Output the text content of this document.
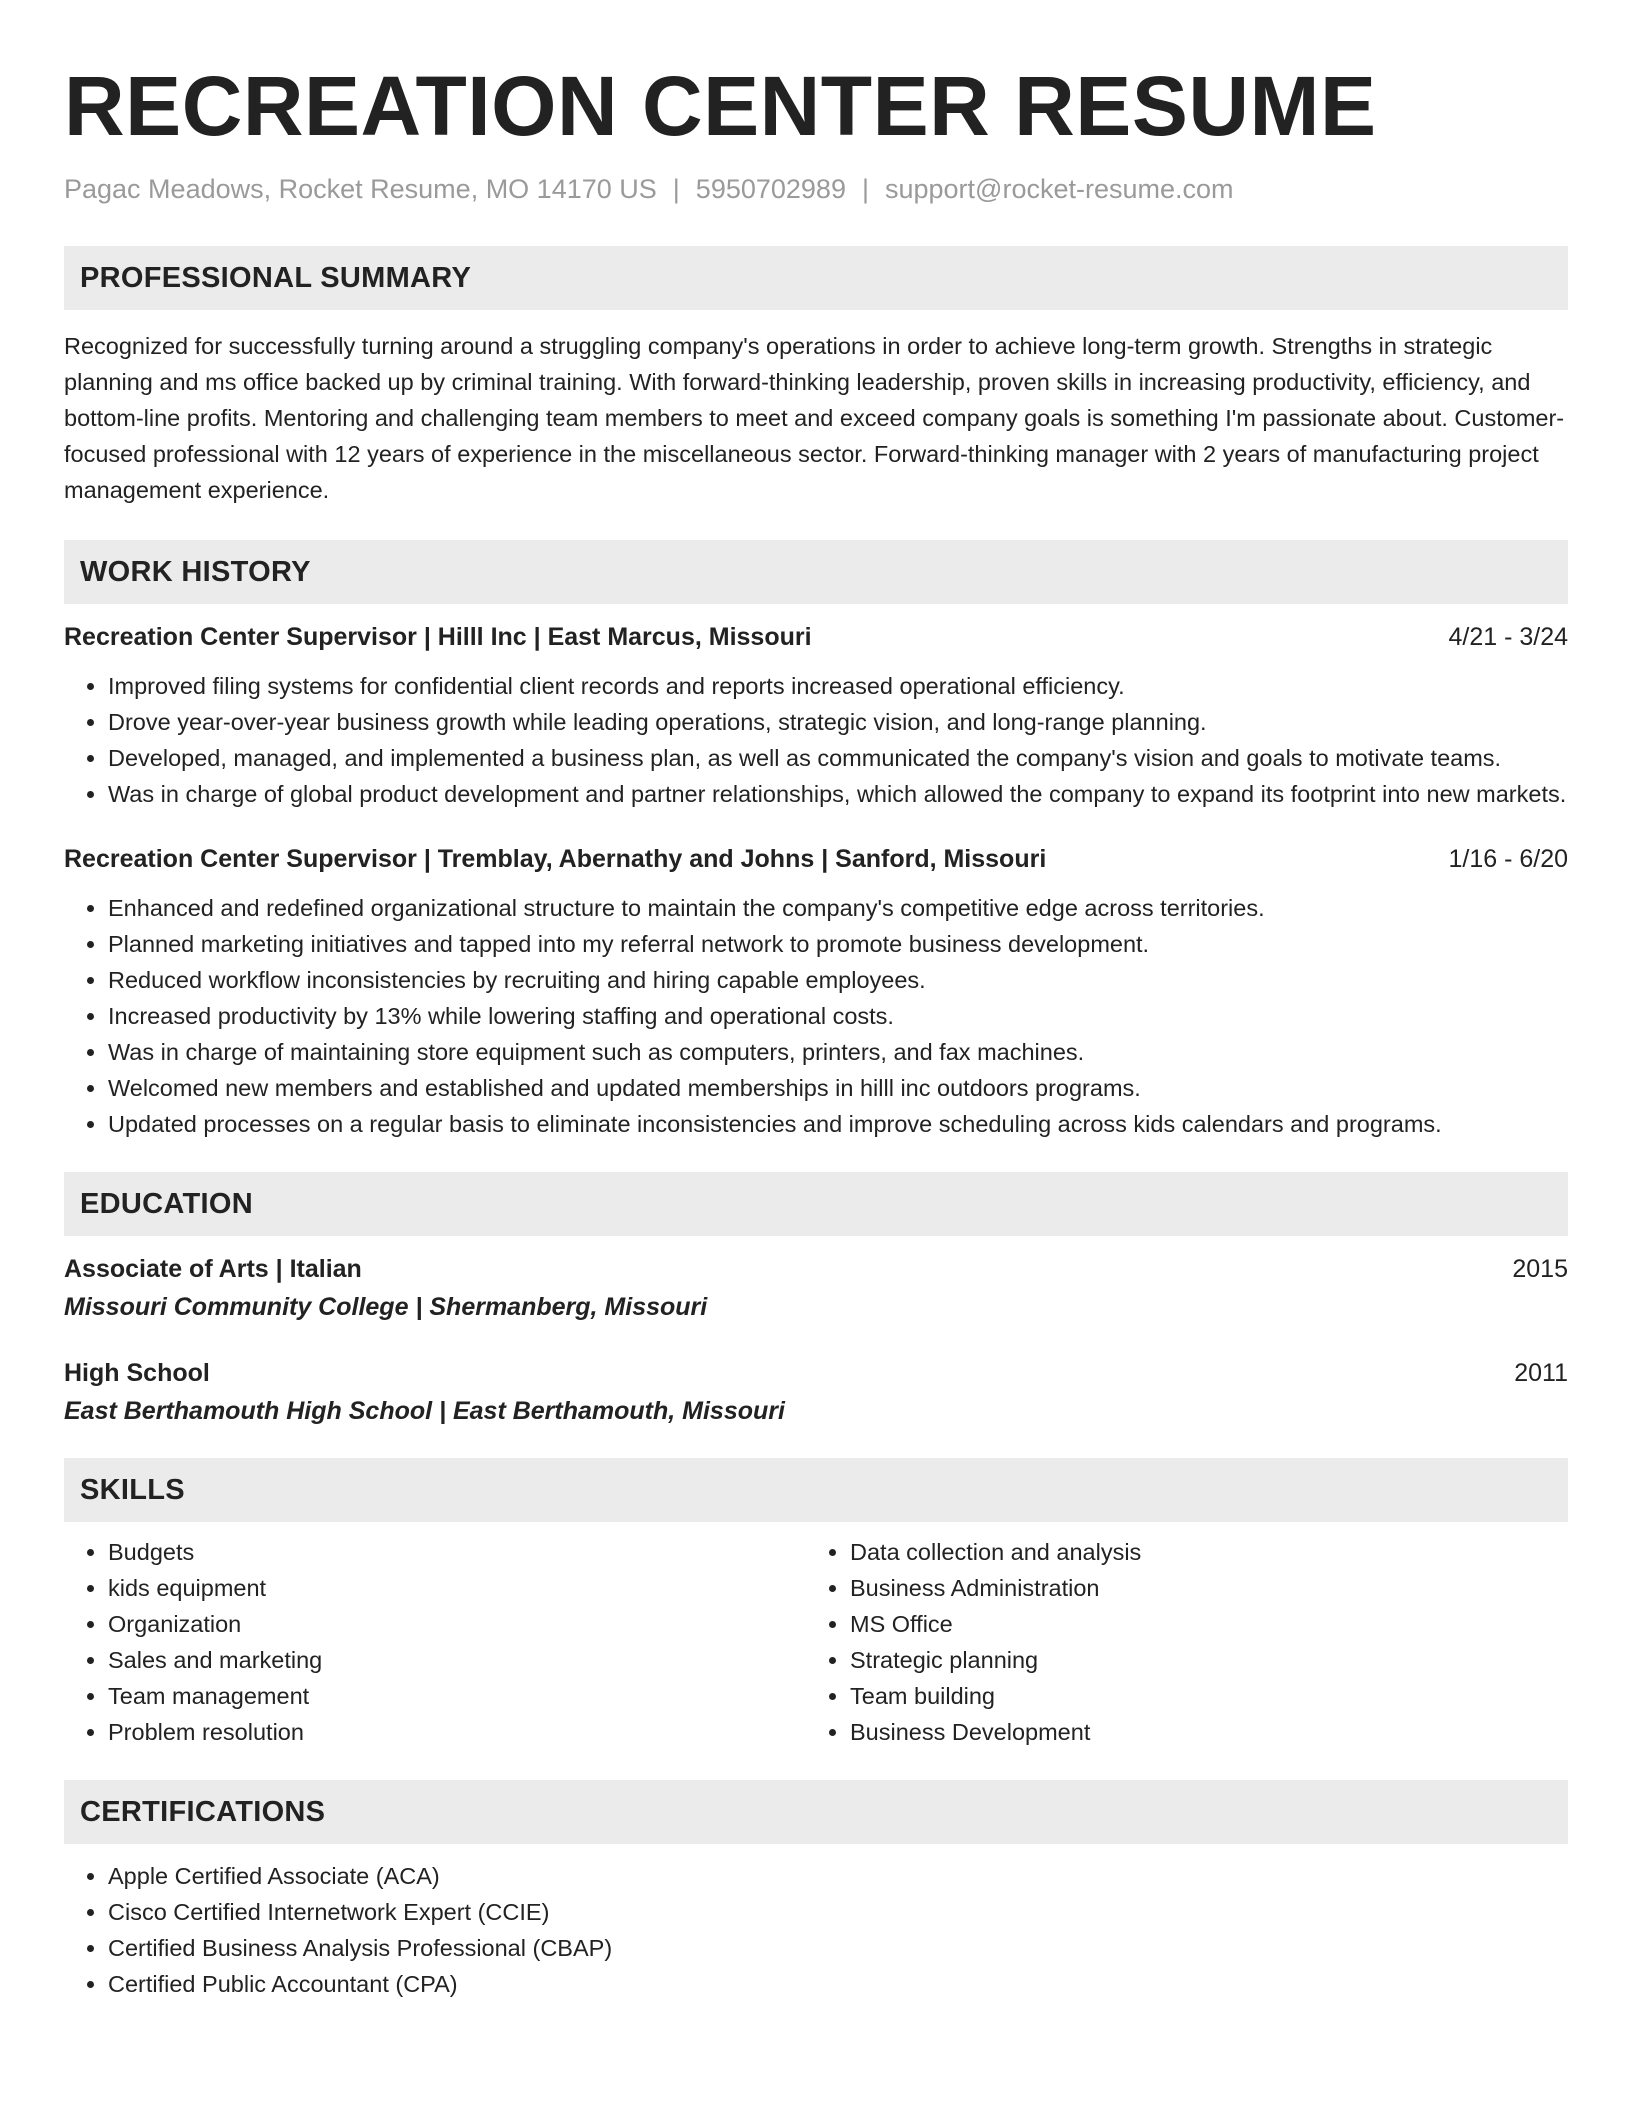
RECREATION CENTER RESUME
Pagac Meadows, Rocket Resume, MO 14170 US | 5950702989 | support@rocket-resume.com
PROFESSIONAL SUMMARY

Recognized for successfully turning around a struggling company's operations in order to achieve long-term growth. Strengths in strategic planning and ms office backed up by criminal training. With forward-thinking leadership, proven skills in increasing productivity, efficiency, and bottom-line profits. Mentoring and challenging team members to meet and exceed company goals is something I'm passionate about. Customer-focused professional with 12 years of experience in the miscellaneous sector. Forward-thinking manager with 2 years of manufacturing project management experience.

WORK HISTORY
Recreation Center Supervisor | Hilll Inc | East Marcus, Missouri	4/21 - 3/24
• Improved filing systems for confidential client records and reports increased operational efficiency.
• Drove year-over-year business growth while leading operations, strategic vision, and long-range planning.
• Developed, managed, and implemented a business plan, as well as communicated the company's vision and goals to motivate teams.
• Was in charge of global product development and partner relationships, which allowed the company to expand its footprint into new markets.
Recreation Center Supervisor | Tremblay, Abernathy and Johns | Sanford, Missouri	1/16 - 6/20
• Enhanced and redefined organizational structure to maintain the company's competitive edge across territories.
• Planned marketing initiatives and tapped into my referral network to promote business development.
• Reduced workflow inconsistencies by recruiting and hiring capable employees.
• Increased productivity by 13% while lowering staffing and operational costs.
• Was in charge of maintaining store equipment such as computers, printers, and fax machines.
• Welcomed new members and established and updated memberships in hilll inc outdoors programs.
• Updated processes on a regular basis to eliminate inconsistencies and improve scheduling across kids calendars and programs.
EDUCATION
Associate of Arts | Italian	2015
Missouri Community College | Shermanberg, Missouri
High School	2011
East Berthamouth High School | East Berthamouth, Missouri
SKILLS
• Budgets
• kids equipment
• Organization
• Sales and marketing
• Team management
• Problem resolution
• Data collection and analysis
• Business Administration
• MS Office
• Strategic planning
• Team building
• Business Development
CERTIFICATIONS
• Apple Certified Associate (ACA)
• Cisco Certified Internetwork Expert (CCIE)
• Certified Business Analysis Professional (CBAP)
• Certified Public Accountant (CPA)
